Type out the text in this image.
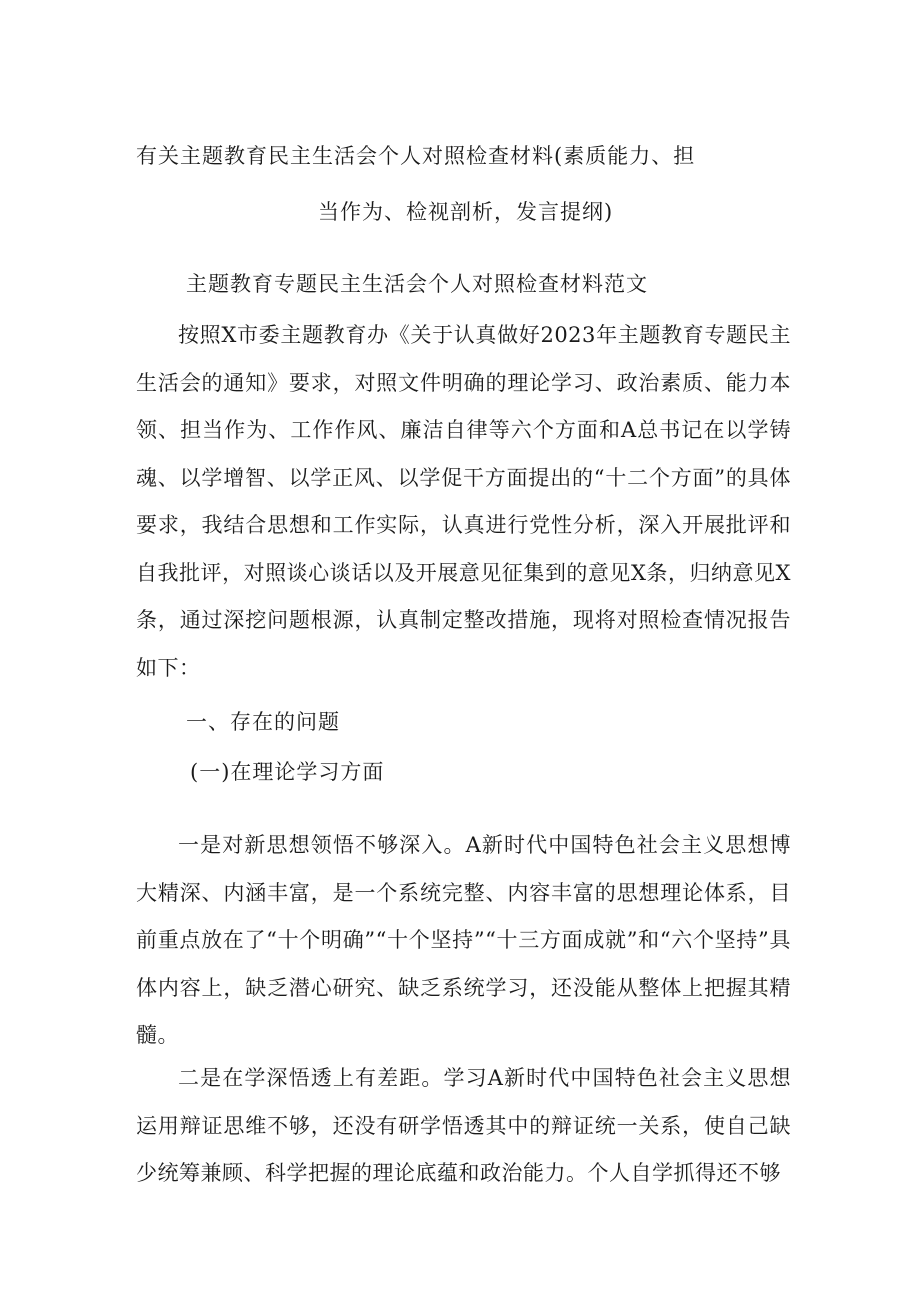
有关主题教育民主生活会个人对照检查材料(素质能力、担
当作为、检视剖析，发言提纲)
主题教育专题民主生活会个人对照检查材料范文

按照X市委主题教育办《关于认真做好2023年主题教育专题民主生活会的通知》要求，对照文件明确的理论学习、政治素质、能力本领、担当作为、工作作风、廉洁自律等六个方面和A总书记在以学铸魂、以学增智、以学正风、以学促干方面提出的“十二个方面”的具体要求，我结合思想和工作实际，认真进行党性分析，深入开展批评和自我批评，对照谈心谈话以及开展意见征集到的意见X条，归纳意见X条，通过深挖问题根源，认真制定整改措施，现将对照检查情况报告如下：

一、存在的问题
(一)在理论学习方面

一是对新思想领悟不够深入。A新时代中国特色社会主义思想博大精深、内涵丰富，是一个系统完整、内容丰富的思想理论体系，目前重点放在了“十个明确”“十个坚持”“十三方面成就”和“六个坚持”具体内容上，缺乏潜心研究、缺乏系统学习，还没能从整体上把握其精髓。

二是在学深悟透上有差距。学习A新时代中国特色社会主义思想运用辩证思维不够，还没有研学悟透其中的辩证统一关系，使自己缺少统筹兼顾、科学把握的理论底蕴和政治能力。个人自学抓得还不够
